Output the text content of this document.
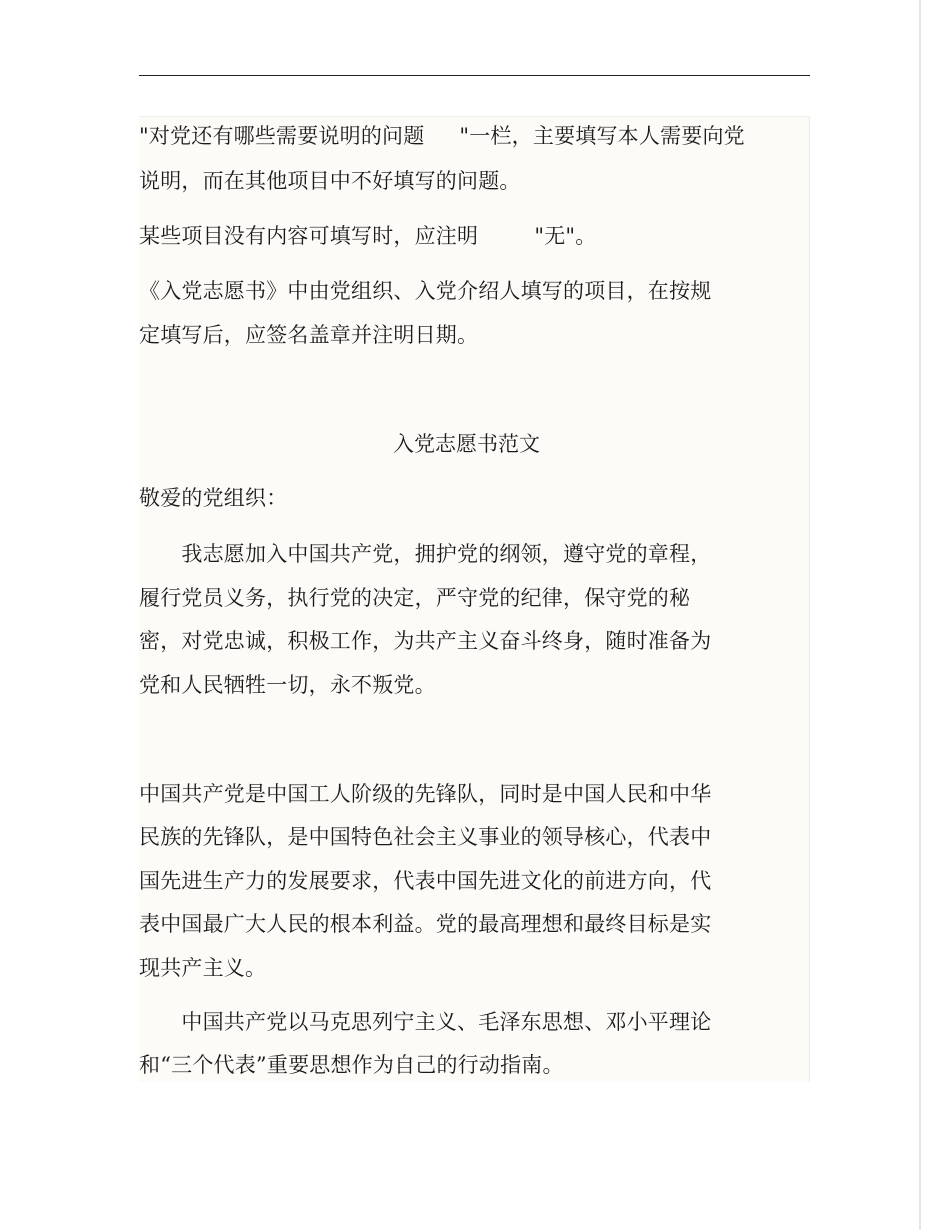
"对党还有哪些需要说明的问题 　 "一栏，主要填写本人需要向党
说明，而在其他项目中不好填写的问题。
某些项目没有内容可填写时，应注明 　 　"无"。
《入党志愿书》中由党组织、入党介绍人填写的项目，在按规
定填写后，应签名盖章并注明日期。
敬爱的党组织：
　　我志愿加入中国共产党，拥护党的纲领，遵守党的章程，
履行党员义务，执行党的决定，严守党的纪律，保守党的秘
密，对党忠诚，积极工作，为共产主义奋斗终身，随时准备为
党和人民牺牲一切，永不叛党。
中国共产党是中国工人阶级的先锋队，同时是中国人民和中华
民族的先锋队，是中国特色社会主义事业的领导核心，代表中
国先进生产力的发展要求，代表中国先进文化的前进方向，代
表中国最广大人民的根本利益。党的最高理想和最终目标是实
现共产主义。
　　中国共产党以马克思列宁主义、毛泽东思想、邓小平理论
和“三个代表”重要思想作为自己的行动指南。
入党志愿书范文
